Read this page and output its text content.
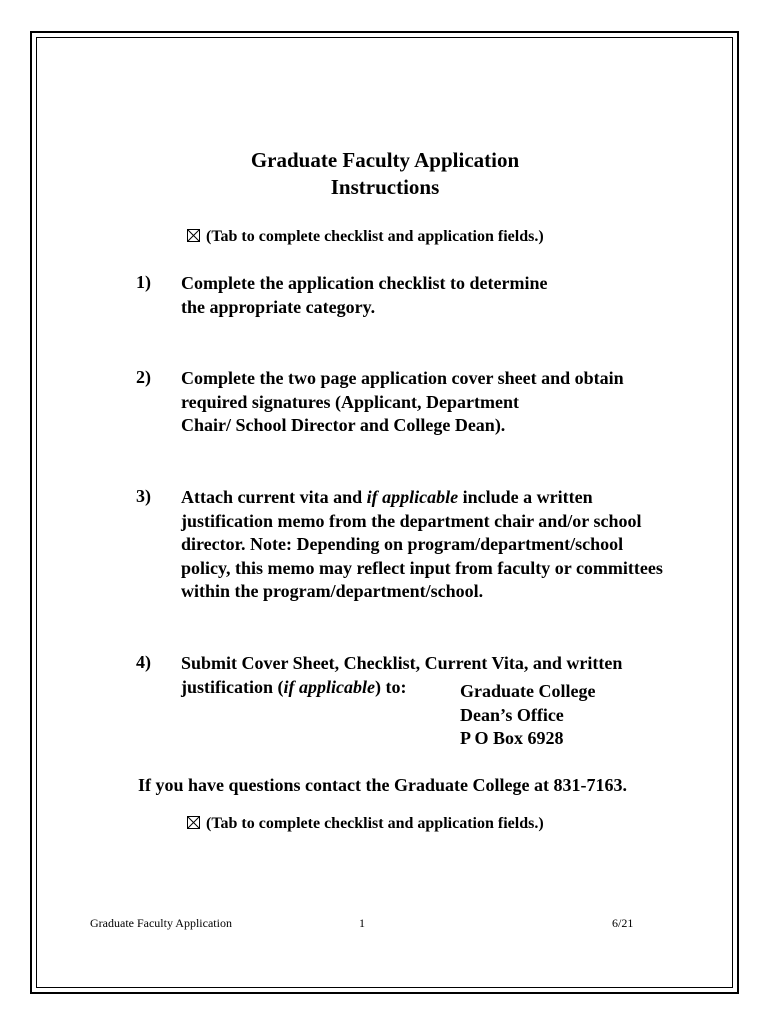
Graduate Faculty Application
Instructions
(Tab to complete checklist and application fields.)
1) Complete the application checklist to determine
the appropriate category.
2) Complete the two page application cover sheet and obtain
required signatures (Applicant, Department
Chair/ School Director and College Dean).
3) Attach current vita and if applicable include a written
justification memo from the department chair and/or school
director. Note: Depending on program/department/school
policy, this memo may reflect input from faculty or committees
within the program/department/school.
4) Submit Cover Sheet, Checklist, Current Vita, and written
justification (if applicable) to:	Graduate College
Dean’s Office
P O Box 6928
If you have questions contact the Graduate College at 831-7163.
(Tab to complete checklist and application fields.)
Graduate Faculty Application	1	6/21
